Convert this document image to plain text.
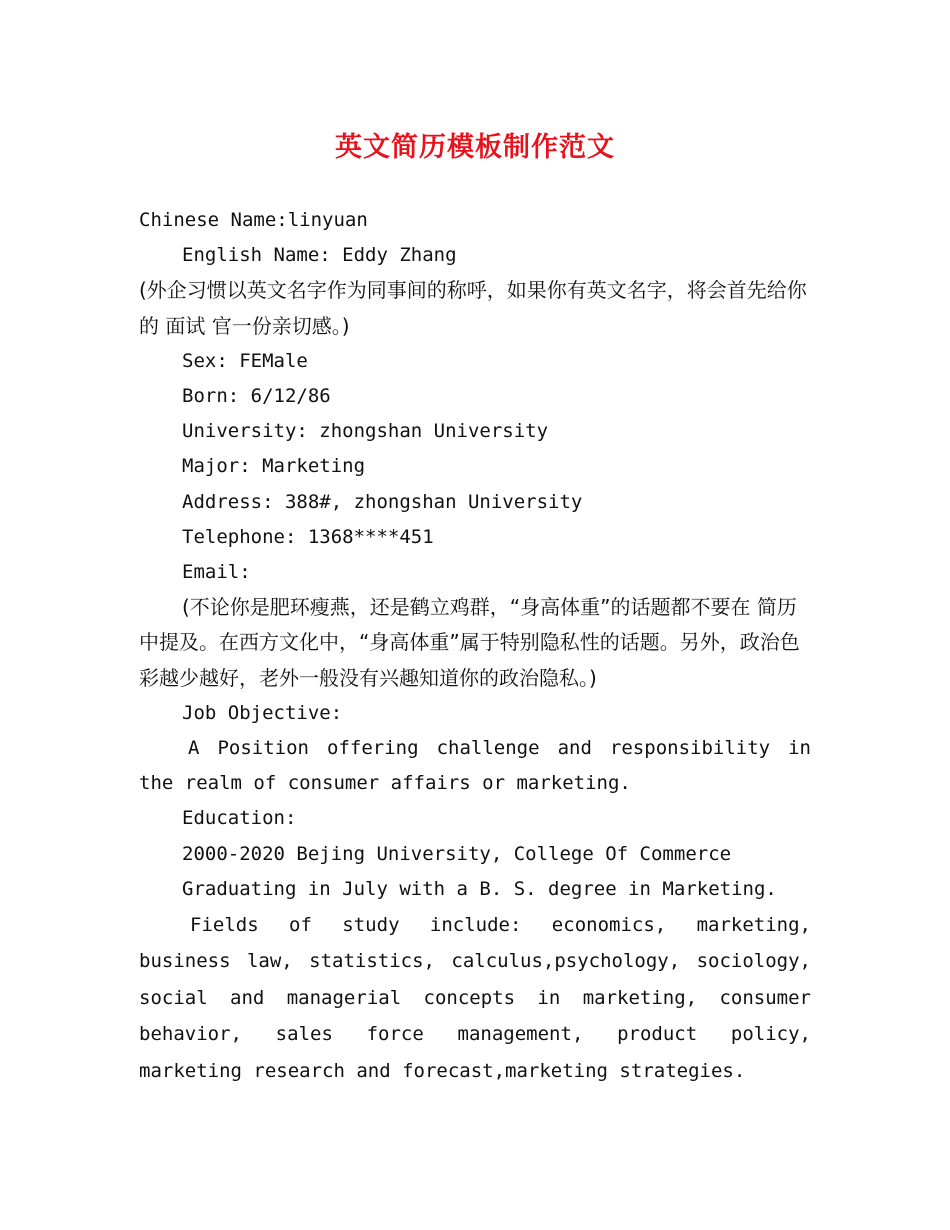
英文简历模板制作范文

Chinese Name:linyuan

English Name: Eddy Zhang

(外企习惯以英文名字作为同事间的称呼，如果你有英文名字，将会首先给你的 面试 官一份亲切感。)

Sex: FEMale

Born: 6/12/86

University: zhongshan University

Major: Marketing

Address: 388#, zhongshan University

Telephone: 1368****451

Email:

(不论你是肥环瘦燕，还是鹤立鸡群，“身高体重”的话题都不要在 简历 中提及。在西方文化中，“身高体重”属于特别隐私性的话题。另外，政治色彩越少越好，老外一般没有兴趣知道你的政治隐私。)

Job Objective:

A Position offering challenge and responsibility in the realm of consumer affairs or marketing.

Education:

2000-2020 Bejing University, College Of Commerce

Graduating in July with a B. S. degree in Marketing.

Fields of study include: economics, marketing, business law, statistics, calculus,psychology, sociology, social and managerial concepts in marketing, consumer behavior, sales force management, product policy, marketing research and forecast,marketing strategies.
